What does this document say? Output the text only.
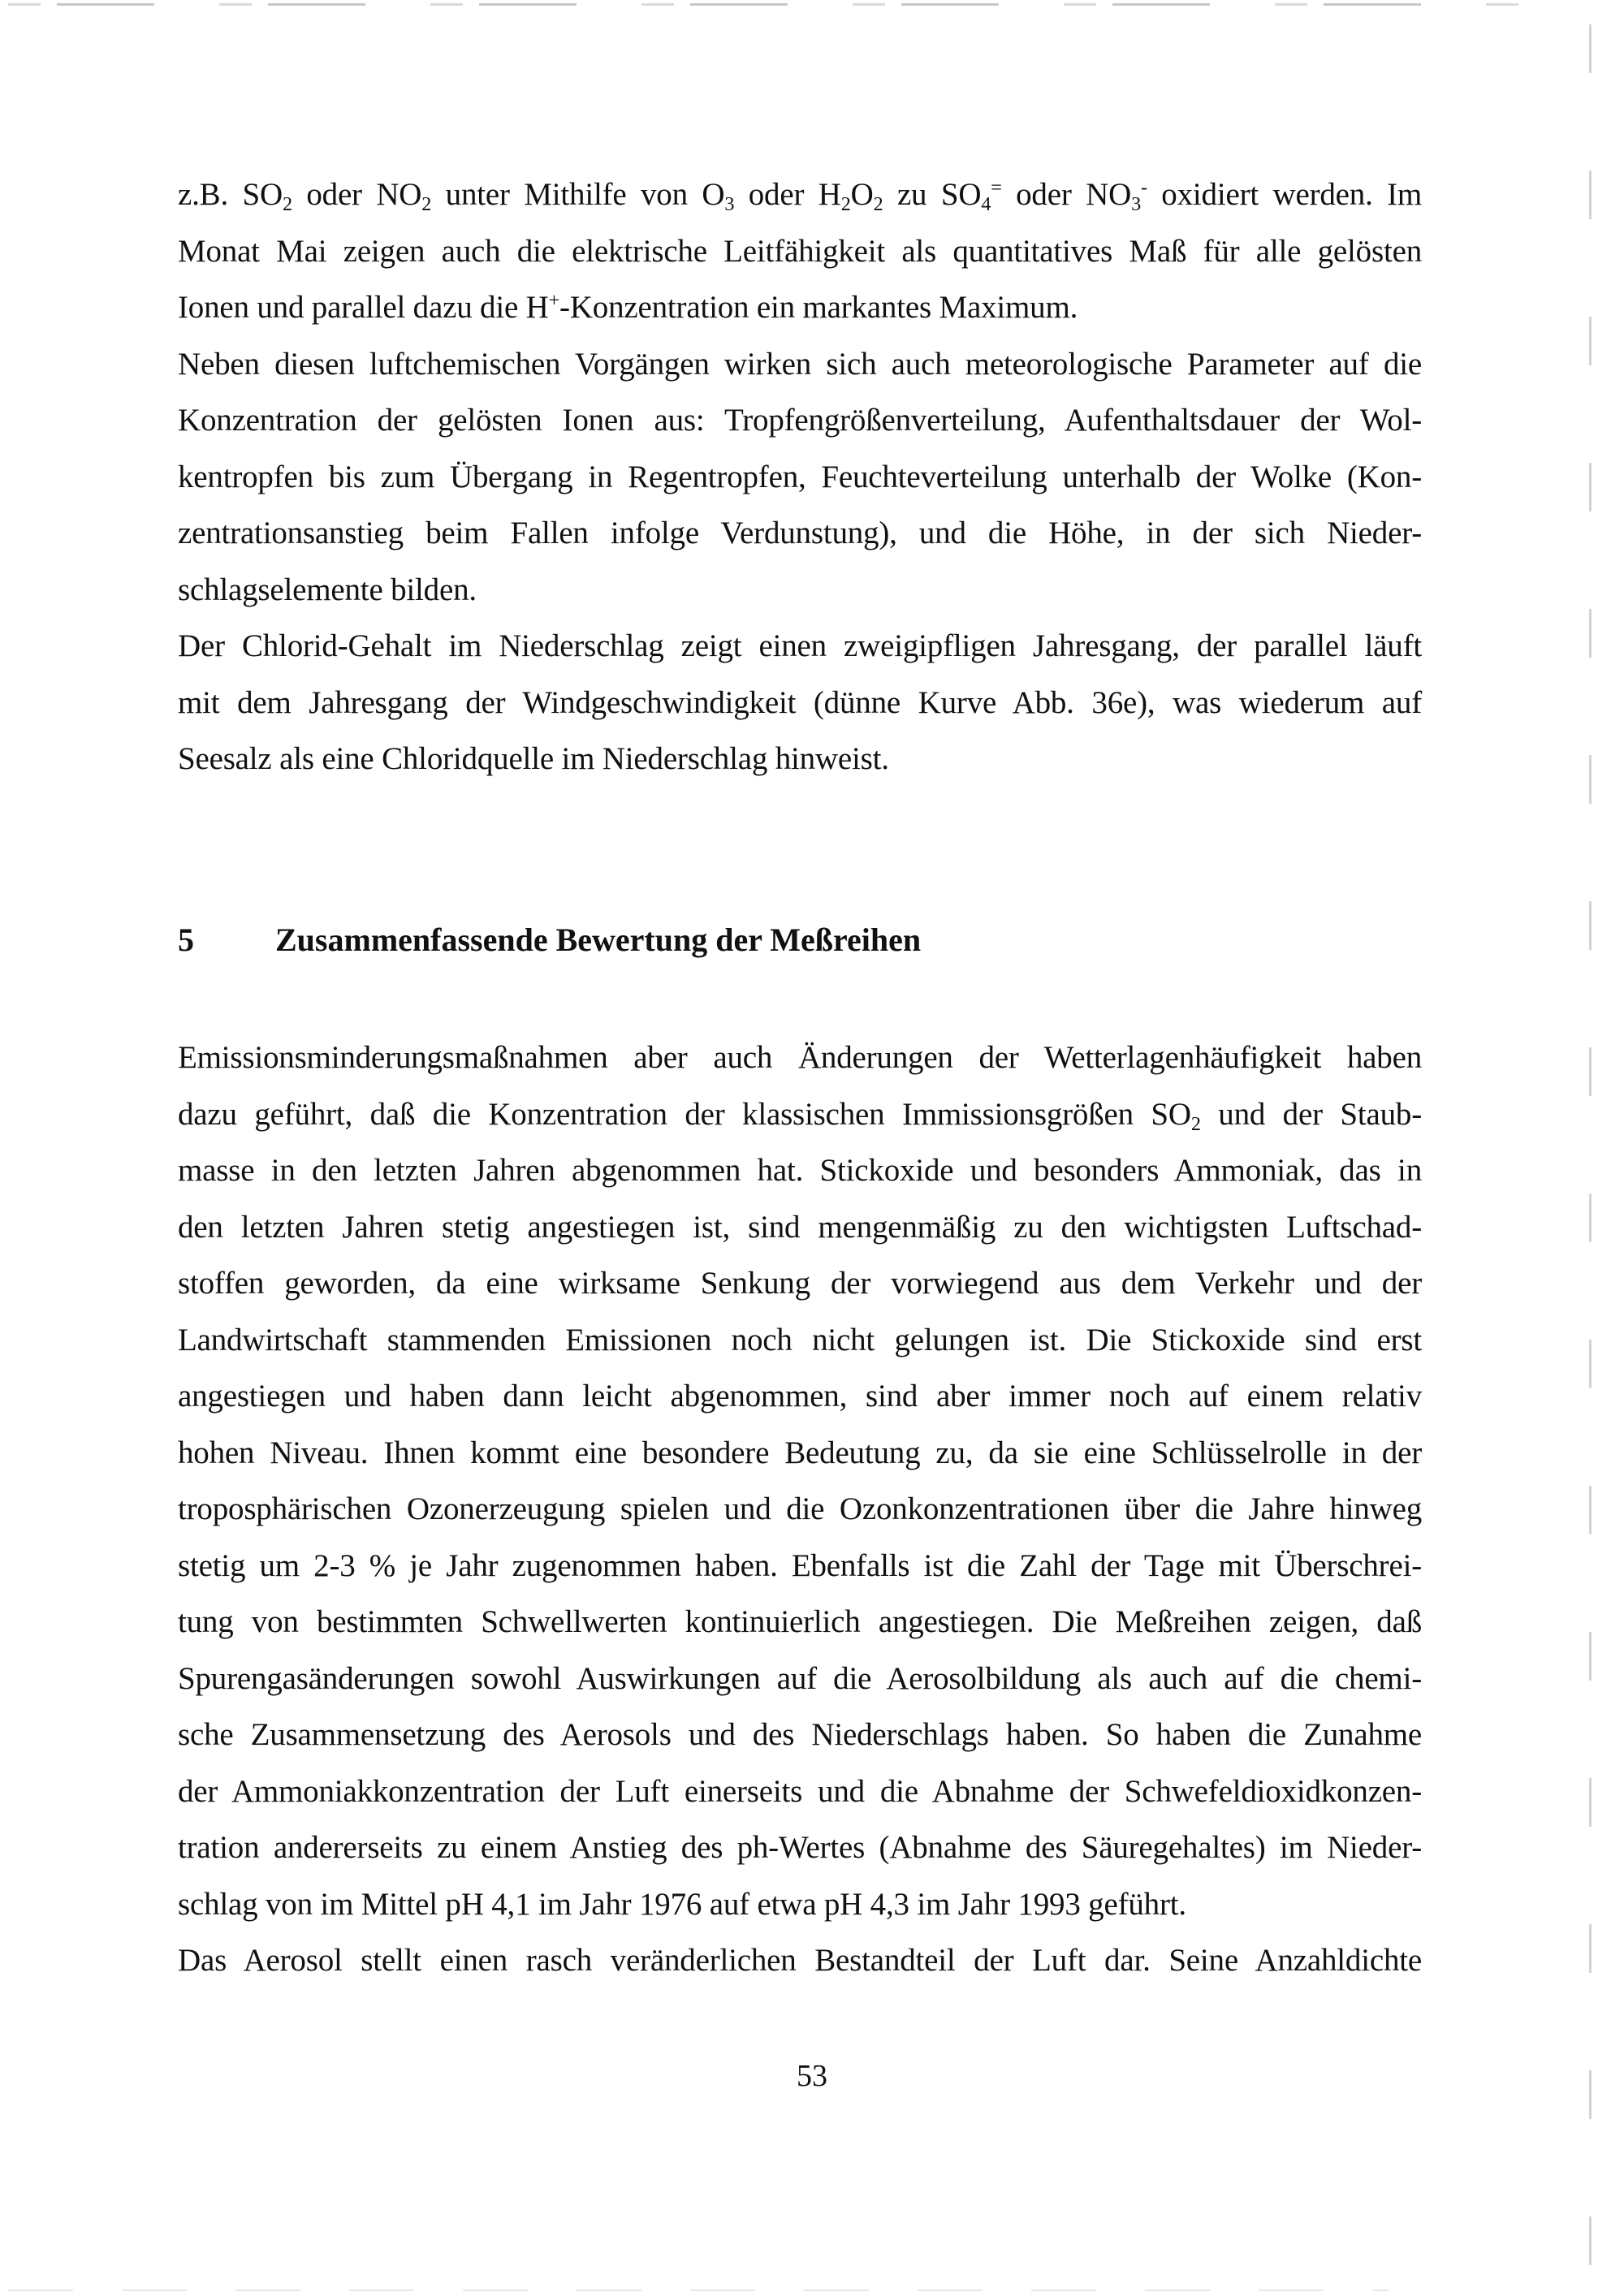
z.B. $SO_2$ oder $NO_2$ unter Mithilfe von $O_3$ oder $H_2O_2$ zu $SO_4^=$ oder $NO_3^-$ oxidiert werden. Im
Monat Mai zeigen auch die elektrische Leitfähigkeit als quantitatives Maß für alle gelösten
Ionen und parallel dazu die H+-Konzentration ein markantes Maximum.

Neben diesen luftchemischen Vorgängen wirken sich auch meteorologische Parameter auf die
Konzentration der gelösten Ionen aus: Tropfengrößenverteilung, Aufenthaltsdauer der Wol-
kentropfen bis zum Übergang in Regentropfen, Feuchteverteilung unterhalb der Wolke (Kon-
zentrationsanstieg beim Fallen infolge Verdunstung), und die Höhe, in der sich Nieder-
schlagselemente bilden.

Der Chlorid-Gehalt im Niederschlag zeigt einen zweigipfligen Jahresgang, der parallel läuft
mit dem Jahresgang der Windgeschwindigkeit (dünne Kurve Abb. 36e), was wiederum auf
Seesalz als eine Chloridquelle im Niederschlag hinweist.

5	Zusammenfassende Bewertung der Meßreihen

Emissionsminderungsmaßnahmen aber auch Änderungen der Wetterlagenhäufigkeit haben
dazu geführt, daß die Konzentration der klassischen Immissionsgrößen $SO_2$ und der Staub-
masse in den letzten Jahren abgenommen hat. Stickoxide und besonders Ammoniak, das in
den letzten Jahren stetig angestiegen ist, sind mengenmäßig zu den wichtigsten Luftschad-
stoffen geworden, da eine wirksame Senkung der vorwiegend aus dem Verkehr und der
Landwirtschaft stammenden Emissionen noch nicht gelungen ist. Die Stickoxide sind erst
angestiegen und haben dann leicht abgenommen, sind aber immer noch auf einem relativ
hohen Niveau. Ihnen kommt eine besondere Bedeutung zu, da sie eine Schlüsselrolle in der
troposphärischen Ozonerzeugung spielen und die Ozonkonzentrationen über die Jahre hinweg
stetig um 2-3 % je Jahr zugenommen haben. Ebenfalls ist die Zahl der Tage mit Überschrei-
tung von bestimmten Schwellwerten kontinuierlich angestiegen. Die Meßreihen zeigen, daß
Spurengasänderungen sowohl Auswirkungen auf die Aerosolbildung als auch auf die chemi-
sche Zusammensetzung des Aerosols und des Niederschlags haben. So haben die Zunahme
der Ammoniakkonzentration der Luft einerseits und die Abnahme der Schwefeldioxidkonzen-
tration andererseits zu einem Anstieg des ph-Wertes (Abnahme des Säuregehaltes) im Nieder-
schlag von im Mittel pH 4,1 im Jahr 1976 auf etwa pH 4,3 im Jahr 1993 geführt.

Das Aerosol stellt einen rasch veränderlichen Bestandteil der Luft dar. Seine Anzahldichte

53
